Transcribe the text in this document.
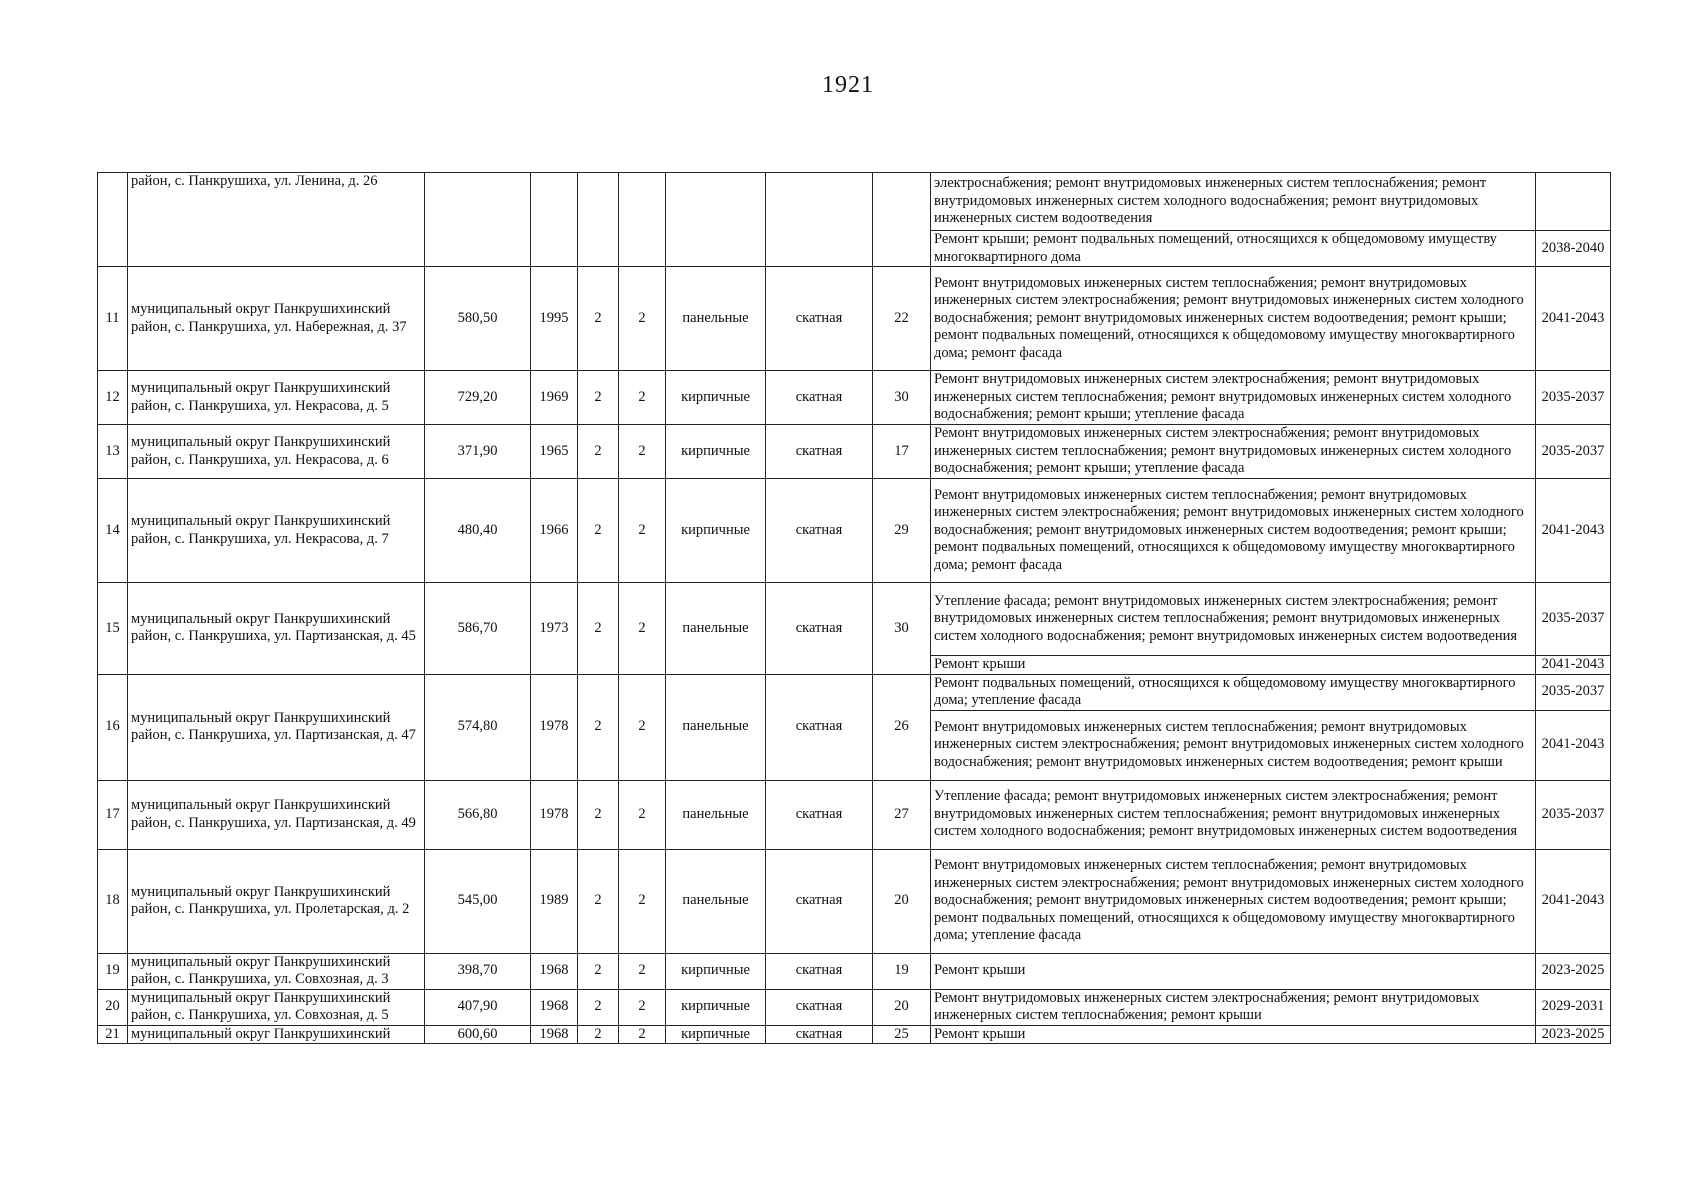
1921
	район, с. Панкрушиха, ул. Ленина, д. 26								электроснабжения; ремонт внутридомовых инженерных систем теплоснабжения; ремонт внутридомовых инженерных систем холодного водоснабжения; ремонт внутридомовых инженерных систем водоотведения	
									Ремонт крыши; ремонт подвальных помещений, относящихся к общедомовому имуществу многоквартирного дома	2038-2040
11	муниципальный округ Панкрушихинский район, с. Панкрушиха, ул. Набережная, д. 37	580,50	1995	2	2	панельные	скатная	22	Ремонт внутридомовых инженерных систем теплоснабжения; ремонт внутридомовых инженерных систем электроснабжения; ремонт внутридомовых инженерных систем холодного водоснабжения; ремонт внутридомовых инженерных систем водоотведения; ремонт крыши; ремонт подвальных помещений, относящихся к общедомовому имуществу многоквартирного дома; ремонт фасада	2041-2043
12	муниципальный округ Панкрушихинский район, с. Панкрушиха, ул. Некрасова, д. 5	729,20	1969	2	2	кирпичные	скатная	30	Ремонт внутридомовых инженерных систем электроснабжения; ремонт внутридомовых инженерных систем теплоснабжения; ремонт внутридомовых инженерных систем холодного водоснабжения; ремонт крыши; утепление фасада	2035-2037
13	муниципальный округ Панкрушихинский район, с. Панкрушиха, ул. Некрасова, д. 6	371,90	1965	2	2	кирпичные	скатная	17	Ремонт внутридомовых инженерных систем электроснабжения; ремонт внутридомовых инженерных систем теплоснабжения; ремонт внутридомовых инженерных систем холодного водоснабжения; ремонт крыши; утепление фасада	2035-2037
14	муниципальный округ Панкрушихинский район, с. Панкрушиха, ул. Некрасова, д. 7	480,40	1966	2	2	кирпичные	скатная	29	Ремонт внутридомовых инженерных систем теплоснабжения; ремонт внутридомовых инженерных систем электроснабжения; ремонт внутридомовых инженерных систем холодного водоснабжения; ремонт внутридомовых инженерных систем водоотведения; ремонт крыши; ремонт подвальных помещений, относящихся к общедомовому имуществу многоквартирного дома; ремонт фасада	2041-2043
15	муниципальный округ Панкрушихинский район, с. Панкрушиха, ул. Партизанская, д. 45	586,70	1973	2	2	панельные	скатная	30	Утепление фасада; ремонт внутридомовых инженерных систем электроснабжения; ремонт внутридомовых инженерных систем теплоснабжения; ремонт внутридомовых инженерных систем холодного водоснабжения; ремонт внутридомовых инженерных систем водоотведения	2035-2037
									Ремонт крыши	2041-2043
16	муниципальный округ Панкрушихинский район, с. Панкрушиха, ул. Партизанская, д. 47	574,80	1978	2	2	панельные	скатная	26	Ремонт подвальных помещений, относящихся к общедомовому имуществу многоквартирного дома; утепление фасада	2035-2037
									Ремонт внутридомовых инженерных систем теплоснабжения; ремонт внутридомовых инженерных систем электроснабжения; ремонт внутридомовых инженерных систем холодного водоснабжения; ремонт внутридомовых инженерных систем водоотведения; ремонт крыши	2041-2043
17	муниципальный округ Панкрушихинский район, с. Панкрушиха, ул. Партизанская, д. 49	566,80	1978	2	2	панельные	скатная	27	Утепление фасада; ремонт внутридомовых инженерных систем электроснабжения; ремонт внутридомовых инженерных систем теплоснабжения; ремонт внутридомовых инженерных систем холодного водоснабжения; ремонт внутридомовых инженерных систем водоотведения	2035-2037
18	муниципальный округ Панкрушихинский район, с. Панкрушиха, ул. Пролетарская, д. 2	545,00	1989	2	2	панельные	скатная	20	Ремонт внутридомовых инженерных систем теплоснабжения; ремонт внутридомовых инженерных систем электроснабжения; ремонт внутридомовых инженерных систем холодного водоснабжения; ремонт внутридомовых инженерных систем водоотведения; ремонт крыши; ремонт подвальных помещений, относящихся к общедомовому имуществу многоквартирного дома; утепление фасада	2041-2043
19	муниципальный округ Панкрушихинский район, с. Панкрушиха, ул. Совхозная, д. 3	398,70	1968	2	2	кирпичные	скатная	19	Ремонт крыши	2023-2025
20	муниципальный округ Панкрушихинский район, с. Панкрушиха, ул. Совхозная, д. 5	407,90	1968	2	2	кирпичные	скатная	20	Ремонт внутридомовых инженерных систем электроснабжения; ремонт внутридомовых инженерных систем теплоснабжения; ремонт крыши	2029-2031
21	муниципальный округ Панкрушихинский	600,60	1968	2	2	кирпичные	скатная	25	Ремонт крыши	2023-2025
